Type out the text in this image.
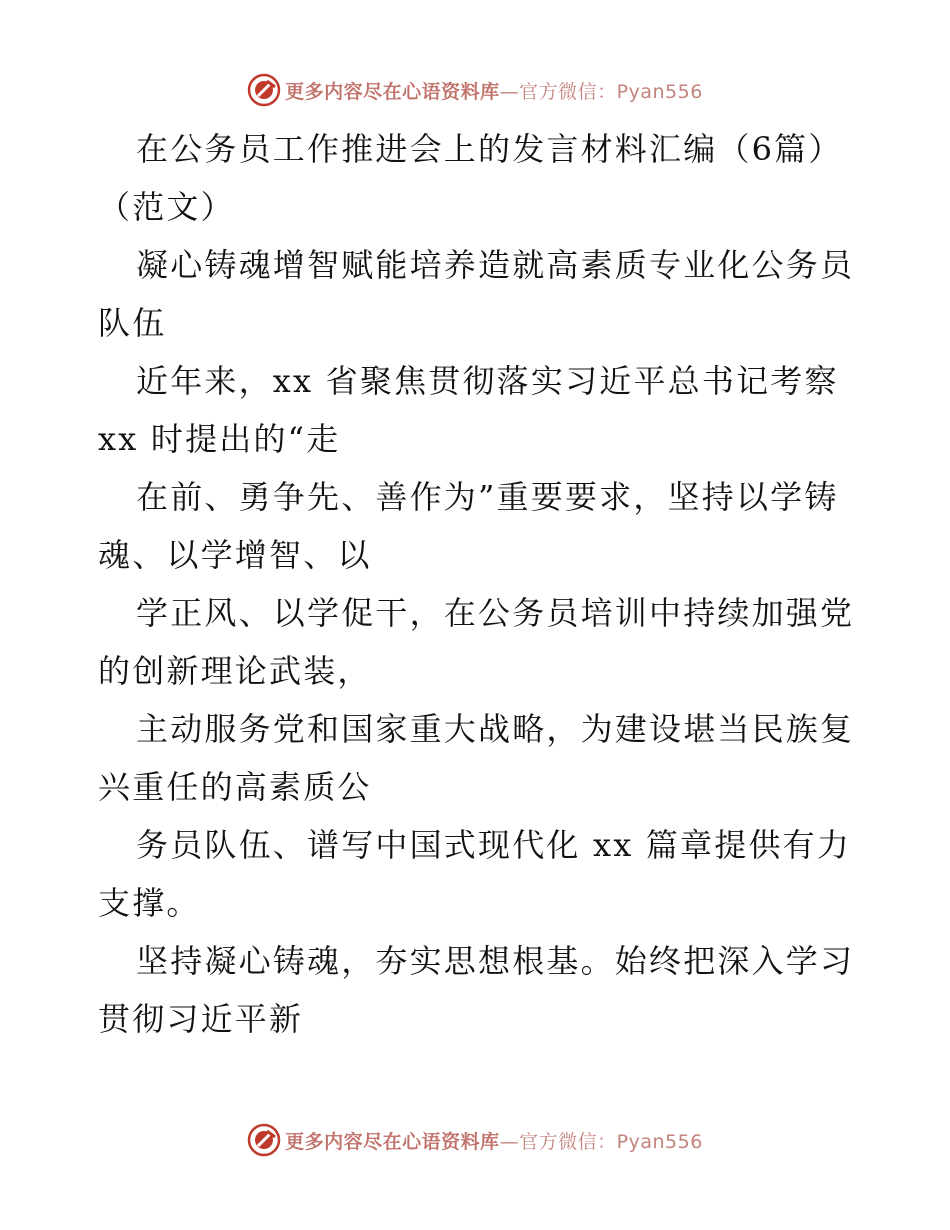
更多内容尽在心语资料库—官方微信：Pyan556
在公务员工作推进会上的发言材料汇编（6篇）
（范文）
凝心铸魂增智赋能培养造就高素质专业化公务员
队伍
近年来，xx 省聚焦贯彻落实习近平总书记考察
xx 时提出的“走
在前、勇争先、善作为”重要要求，坚持以学铸
魂、以学增智、以
学正风、以学促干，在公务员培训中持续加强党
的创新理论武装，
主动服务党和国家重大战略，为建设堪当民族复
兴重任的高素质公
务员队伍、谱写中国式现代化 xx 篇章提供有力
支撑。
坚持凝心铸魂，夯实思想根基。始终把深入学习
贯彻习近平新
更多内容尽在心语资料库—官方微信：Pyan556
